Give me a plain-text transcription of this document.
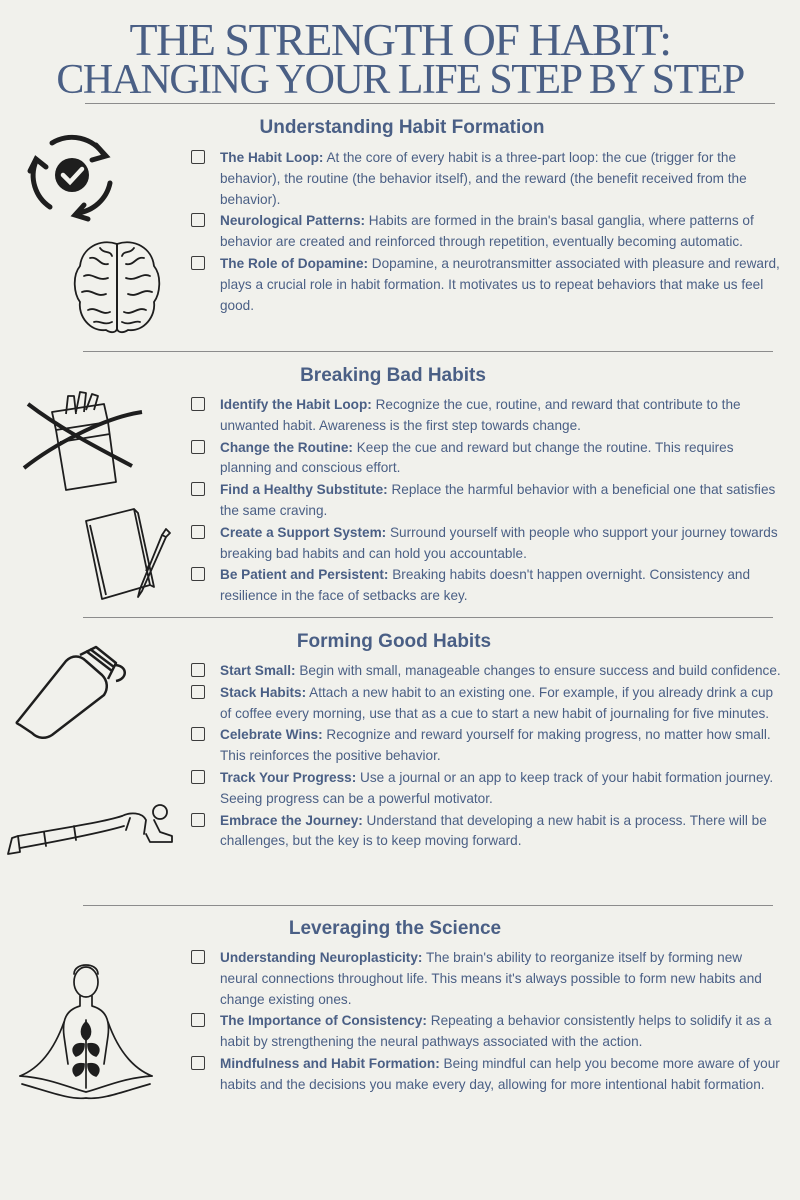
THE STRENGTH OF HABIT:
CHANGING YOUR LIFE STEP BY STEP
Understanding Habit Formation
The Habit Loop: At the core of every habit is a three-part loop: the cue (trigger for the behavior), the routine (the behavior itself), and the reward (the benefit received from the behavior).
Neurological Patterns: Habits are formed in the brain's basal ganglia, where patterns of behavior are created and reinforced through repetition, eventually becoming automatic.
The Role of Dopamine: Dopamine, a neurotransmitter associated with pleasure and reward, plays a crucial role in habit formation. It motivates us to repeat behaviors that make us feel good.
Breaking Bad Habits
Identify the Habit Loop: Recognize the cue, routine, and reward that contribute to the unwanted habit. Awareness is the first step towards change.
Change the Routine: Keep the cue and reward but change the routine. This requires planning and conscious effort.
Find a Healthy Substitute: Replace the harmful behavior with a beneficial one that satisfies the same craving.
Create a Support System: Surround yourself with people who support your journey towards breaking bad habits and can hold you accountable.
Be Patient and Persistent: Breaking habits doesn't happen overnight. Consistency and resilience in the face of setbacks are key.
Forming Good Habits
Start Small: Begin with small, manageable changes to ensure success and build confidence.
Stack Habits: Attach a new habit to an existing one. For example, if you already drink a cup of coffee every morning, use that as a cue to start a new habit of journaling for five minutes.
Celebrate Wins: Recognize and reward yourself for making progress, no matter how small. This reinforces the positive behavior.
Track Your Progress: Use a journal or an app to keep track of your habit formation journey. Seeing progress can be a powerful motivator.
Embrace the Journey: Understand that developing a new habit is a process. There will be challenges, but the key is to keep moving forward.
Leveraging the Science
Understanding Neuroplasticity: The brain's ability to reorganize itself by forming new neural connections throughout life. This means it's always possible to form new habits and change existing ones.
The Importance of Consistency: Repeating a behavior consistently helps to solidify it as a habit by strengthening the neural pathways associated with the action.
Mindfulness and Habit Formation: Being mindful can help you become more aware of your habits and the decisions you make every day, allowing for more intentional habit formation.
